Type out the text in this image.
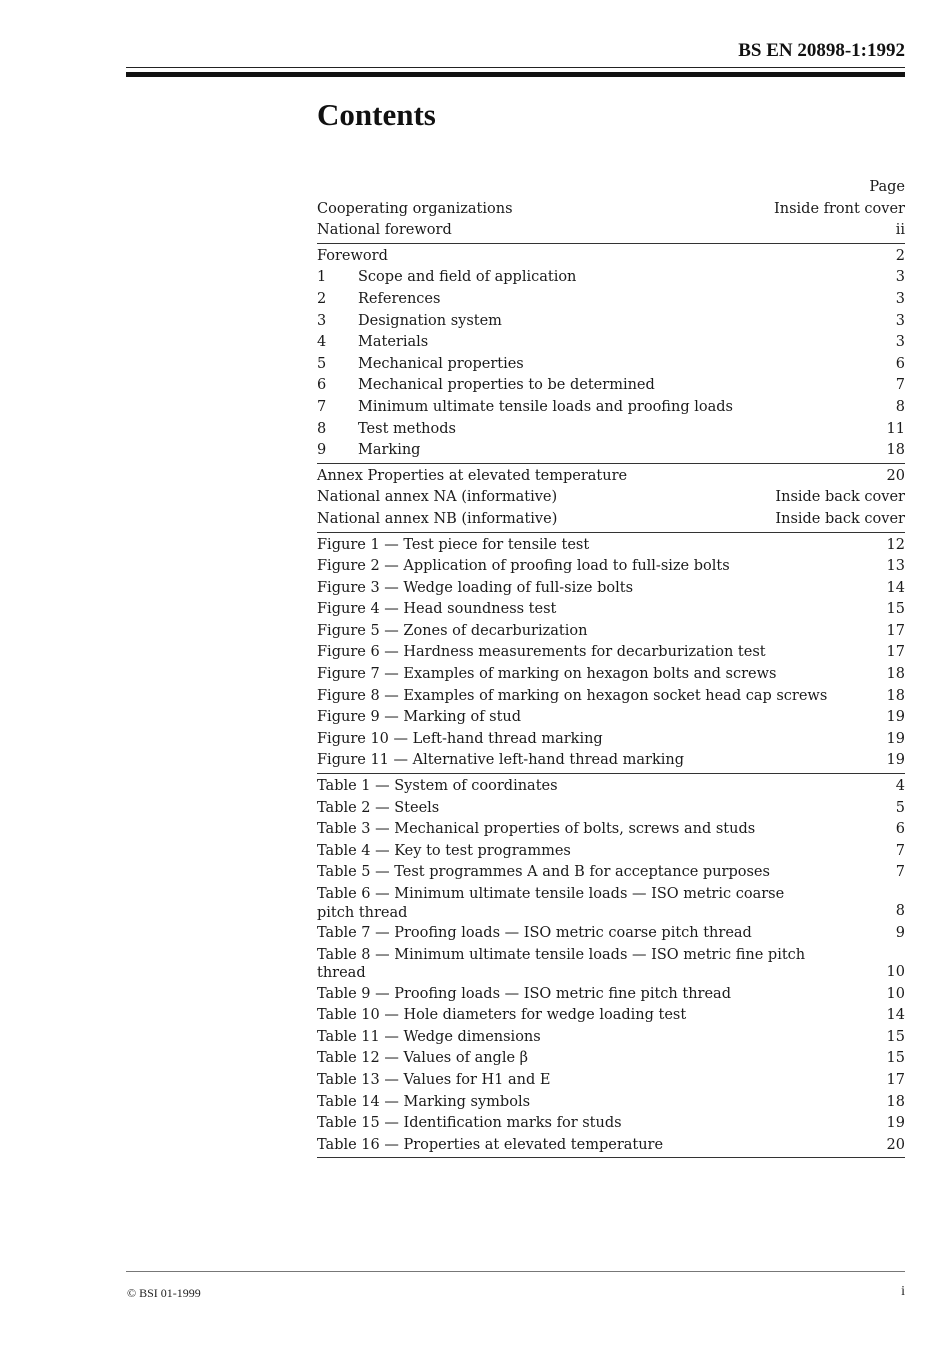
BS EN 20898-1:1992
Contents
Page
Cooperating organizations	Inside front cover
National foreword	ii
Foreword	2
1 Scope and field of application	3
2 References	3
3 Designation system	3
4 Materials	3
5 Mechanical properties	6
6 Mechanical properties to be determined	7
7 Minimum ultimate tensile loads and proofing loads	8
8 Test methods	11
9 Marking	18
Annex Properties at elevated temperature	20
National annex NA (informative)	Inside back cover
National annex NB (informative)	Inside back cover
Figure 1 — Test piece for tensile test	12
Figure 2 — Application of proofing load to full-size bolts	13
Figure 3 — Wedge loading of full-size bolts	14
Figure 4 — Head soundness test	15
Figure 5 — Zones of decarburization	17
Figure 6 — Hardness measurements for decarburization test	17
Figure 7 — Examples of marking on hexagon bolts and screws	18
Figure 8 — Examples of marking on hexagon socket head cap screws	18
Figure 9 — Marking of stud	19
Figure 10 — Left-hand thread marking	19
Figure 11 — Alternative left-hand thread marking	19
Table 1 — System of coordinates	4
Table 2 — Steels	5
Table 3 — Mechanical properties of bolts, screws and studs	6
Table 4 — Key to test programmes	7
Table 5 — Test programmes A and B for acceptance purposes	7
Table 6 — Minimum ultimate tensile loads — ISO metric coarse pitch thread	8
Table 7 — Proofing loads — ISO metric coarse pitch thread	9
Table 8 — Minimum ultimate tensile loads — ISO metric fine pitch thread	10
Table 9 — Proofing loads — ISO metric fine pitch thread	10
Table 10 — Hole diameters for wedge loading test	14
Table 11 — Wedge dimensions	15
Table 12 — Values of angle β	15
Table 13 — Values for H1 and E	17
Table 14 — Marking symbols	18
Table 15 — Identification marks for studs	19
Table 16 — Properties at elevated temperature	20
© BSI 01-1999	i
